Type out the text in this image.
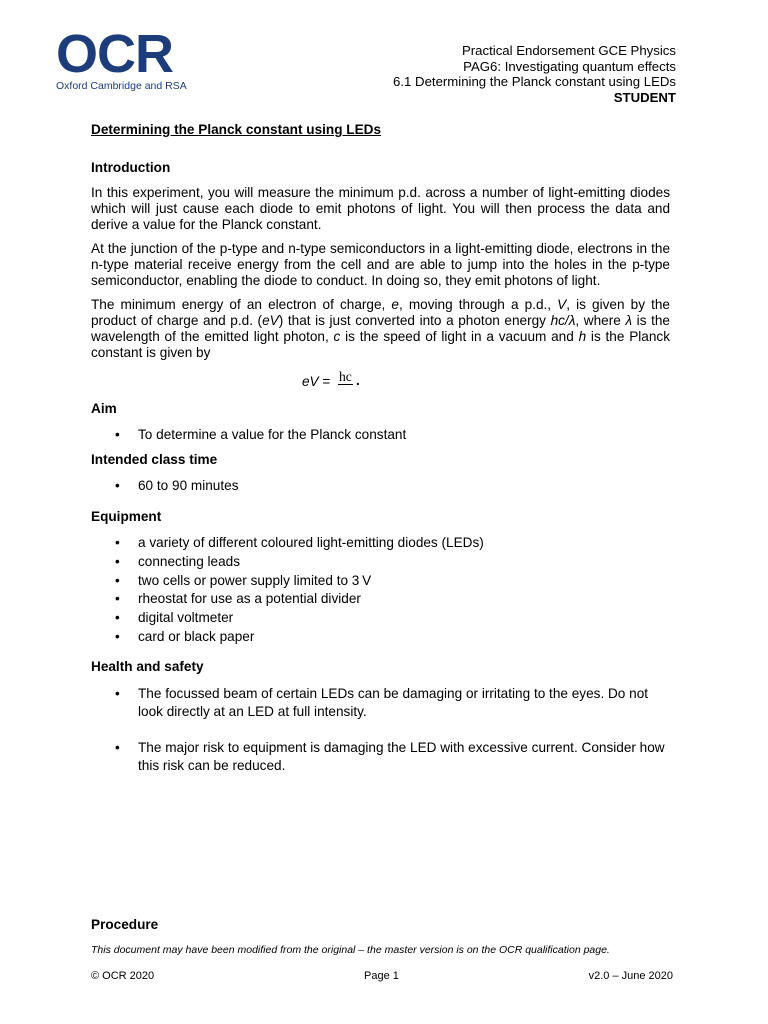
OCR
Oxford Cambridge and RSA
Practical Endorsement GCE Physics
PAG6: Investigating quantum effects
6.1 Determining the Planck constant using LEDs
STUDENT
Determining the Planck constant using LEDs
Introduction
In this experiment, you will measure the minimum p.d. across a number of light-emitting diodes which will just cause each diode to emit photons of light. You will then process the data and derive a value for the Planck constant.
At the junction of the p-type and n-type semiconductors in a light-emitting diode, electrons in the n-type material receive energy from the cell and are able to jump into the holes in the p-type semiconductor, enabling the diode to conduct. In doing so, they emit photons of light.
The minimum energy of an electron of charge, e, moving through a p.d., V, is given by the product of charge and p.d. (eV) that is just converted into a photon energy hc/λ, where λ is the wavelength of the emitted light photon, c is the speed of light in a vacuum and h is the Planck constant is given by
eV = hc .
Aim
• To determine a value for the Planck constant
Intended class time
• 60 to 90 minutes
Equipment
• a variety of different coloured light-emitting diodes (LEDs)
• connecting leads
• two cells or power supply limited to 3 V
• rheostat for use as a potential divider
• digital voltmeter
• card or black paper
Health and safety
• The focussed beam of certain LEDs can be damaging or irritating to the eyes. Do not look directly at an LED at full intensity.
• The major risk to equipment is damaging the LED with excessive current. Consider how this risk can be reduced.
Procedure
This document may have been modified from the original – the master version is on the OCR qualification page.
© OCR 2020	Page 1	v2.0 – June 2020
